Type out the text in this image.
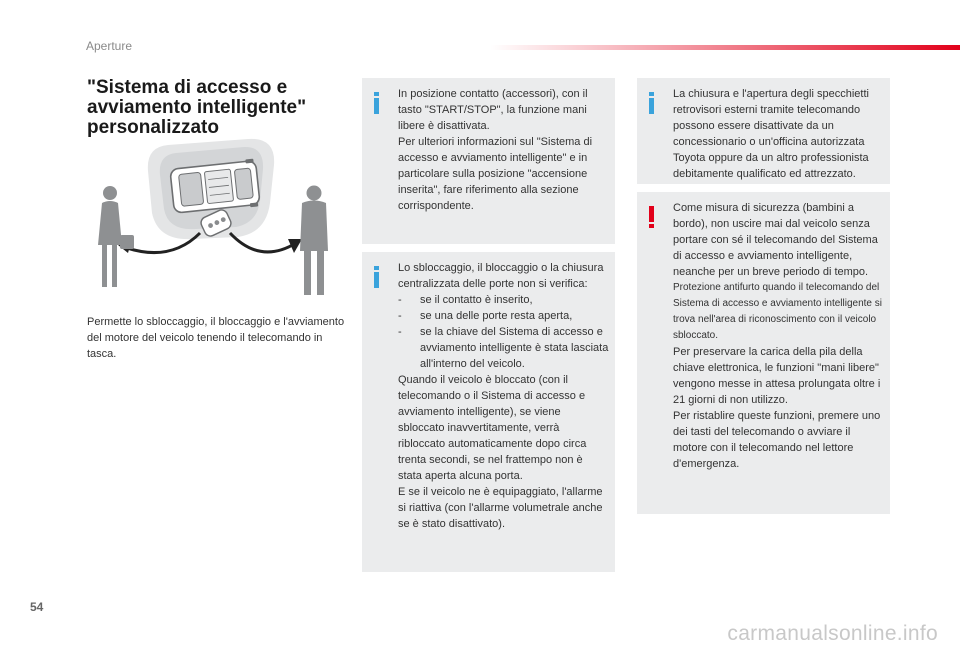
Aperture
"Sistema di accesso e avviamento intelligente" personalizzato

Permette lo sbloccaggio, il bloccaggio e l'avviamento del motore del veicolo tenendo il telecomando in tasca.

In posizione contatto (accessori), con il tasto "START/STOP", la funzione mani libere è disattivata.

Per ulteriori informazioni sul "Sistema di accesso e avviamento intelligente" e in particolare sulla posizione "accensione inserita", fare riferimento alla sezione corrispondente.

Lo sbloccaggio, il bloccaggio o la chiusura centralizzata delle porte non si verifica:

- se il contatto è inserito,
- se una delle porte resta aperta,
- se la chiave del Sistema di accesso e avviamento intelligente è stata lasciata all'interno del veicolo.

Quando il veicolo è bloccato (con il telecomando o il Sistema di accesso e avviamento intelligente), se viene sbloccato inavvertitamente, verrà ribloccato automaticamente dopo circa trenta secondi, se nel frattempo non è stata aperta alcuna porta.

E se il veicolo ne è equipaggiato, l'allarme si riattiva (con l'allarme volumetrale anche se è stato disattivato).

La chiusura e l'apertura degli specchietti retrovisori esterni tramite telecomando possono essere disattivate da un concessionario o un'officina autorizzata Toyota oppure da un altro professionista debitamente qualificato ed attrezzato.

Come misura di sicurezza (bambini a bordo), non uscire mai dal veicolo senza portare con sé il telecomando del Sistema di accesso e avviamento intelligente, neanche per un breve periodo di tempo.

Protezione antifurto quando il telecomando del Sistema di accesso e avviamento intelligente si trova nell'area di riconoscimento con il veicolo sbloccato.

Per preservare la carica della pila della chiave elettronica, le funzioni "mani libere" vengono messe in attesa prolungata oltre i 21 giorni di non utilizzo.

Per ristablire queste funzioni, premere uno dei tasti del telecomando o avviare il motore con il telecomando nel lettore d'emergenza.

54
carmanualsonline.info
